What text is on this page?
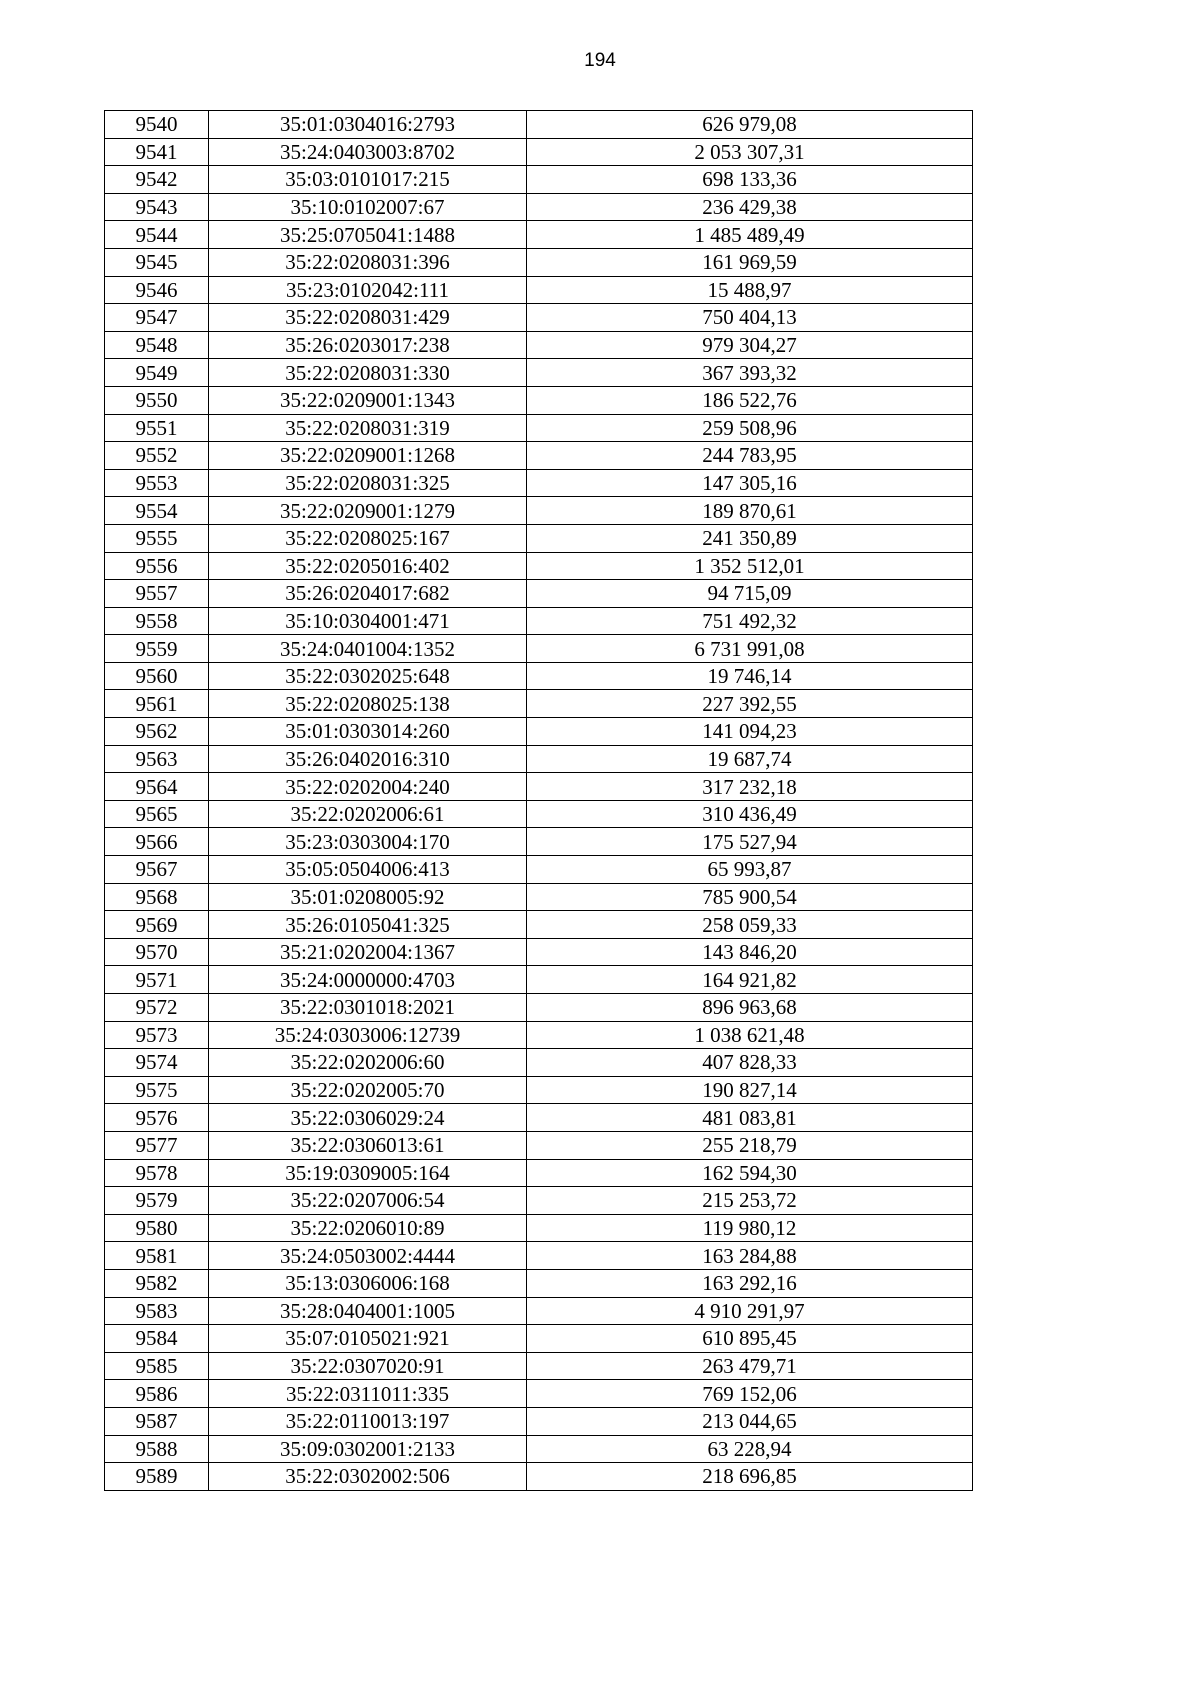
194
9540	35:01:0304016:2793	626 979,08
9541	35:24:0403003:8702	2 053 307,31
9542	35:03:0101017:215	698 133,36
9543	35:10:0102007:67	236 429,38
9544	35:25:0705041:1488	1 485 489,49
9545	35:22:0208031:396	161 969,59
9546	35:23:0102042:111	15 488,97
9547	35:22:0208031:429	750 404,13
9548	35:26:0203017:238	979 304,27
9549	35:22:0208031:330	367 393,32
9550	35:22:0209001:1343	186 522,76
9551	35:22:0208031:319	259 508,96
9552	35:22:0209001:1268	244 783,95
9553	35:22:0208031:325	147 305,16
9554	35:22:0209001:1279	189 870,61
9555	35:22:0208025:167	241 350,89
9556	35:22:0205016:402	1 352 512,01
9557	35:26:0204017:682	94 715,09
9558	35:10:0304001:471	751 492,32
9559	35:24:0401004:1352	6 731 991,08
9560	35:22:0302025:648	19 746,14
9561	35:22:0208025:138	227 392,55
9562	35:01:0303014:260	141 094,23
9563	35:26:0402016:310	19 687,74
9564	35:22:0202004:240	317 232,18
9565	35:22:0202006:61	310 436,49
9566	35:23:0303004:170	175 527,94
9567	35:05:0504006:413	65 993,87
9568	35:01:0208005:92	785 900,54
9569	35:26:0105041:325	258 059,33
9570	35:21:0202004:1367	143 846,20
9571	35:24:0000000:4703	164 921,82
9572	35:22:0301018:2021	896 963,68
9573	35:24:0303006:12739	1 038 621,48
9574	35:22:0202006:60	407 828,33
9575	35:22:0202005:70	190 827,14
9576	35:22:0306029:24	481 083,81
9577	35:22:0306013:61	255 218,79
9578	35:19:0309005:164	162 594,30
9579	35:22:0207006:54	215 253,72
9580	35:22:0206010:89	119 980,12
9581	35:24:0503002:4444	163 284,88
9582	35:13:0306006:168	163 292,16
9583	35:28:0404001:1005	4 910 291,97
9584	35:07:0105021:921	610 895,45
9585	35:22:0307020:91	263 479,71
9586	35:22:0311011:335	769 152,06
9587	35:22:0110013:197	213 044,65
9588	35:09:0302001:2133	63 228,94
9589	35:22:0302002:506	218 696,85
